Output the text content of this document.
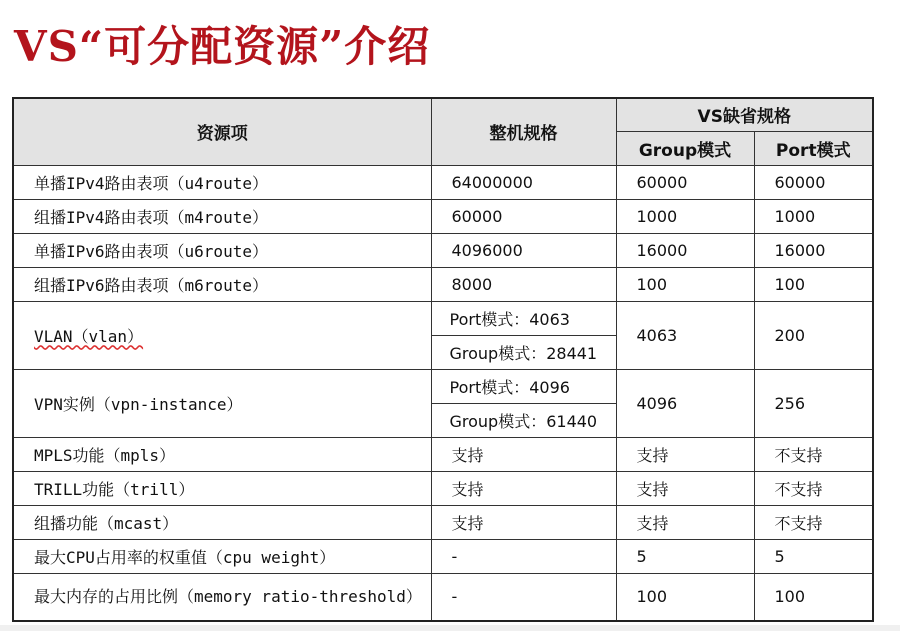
VS“可分配资源”介绍
资源项	整机规格	VS缺省规格	
		Group模式	Port模式
单播IPv4路由表项（u4route）	64000000	60000	60000
组播IPv4路由表项（m4route）	60000	1000	1000
单播IPv6路由表项（u6route）	4096000	16000	16000
组播IPv6路由表项（m6route）	8000	100	100
VLAN（vlan）	Port模式：4063	4063	200
	Group模式：28441		
VPN实例（vpn-instance）	Port模式：4096	4096	256
	Group模式：61440		
MPLS功能（mpls）	支持	支持	不支持
TRILL功能（trill）	支持	支持	不支持
组播功能（mcast）	支持	支持	不支持
最大CPU占用率的权重值（cpu weight）	-	5	5
最大内存的占用比例（memory ratio-threshold）	-	100	100
